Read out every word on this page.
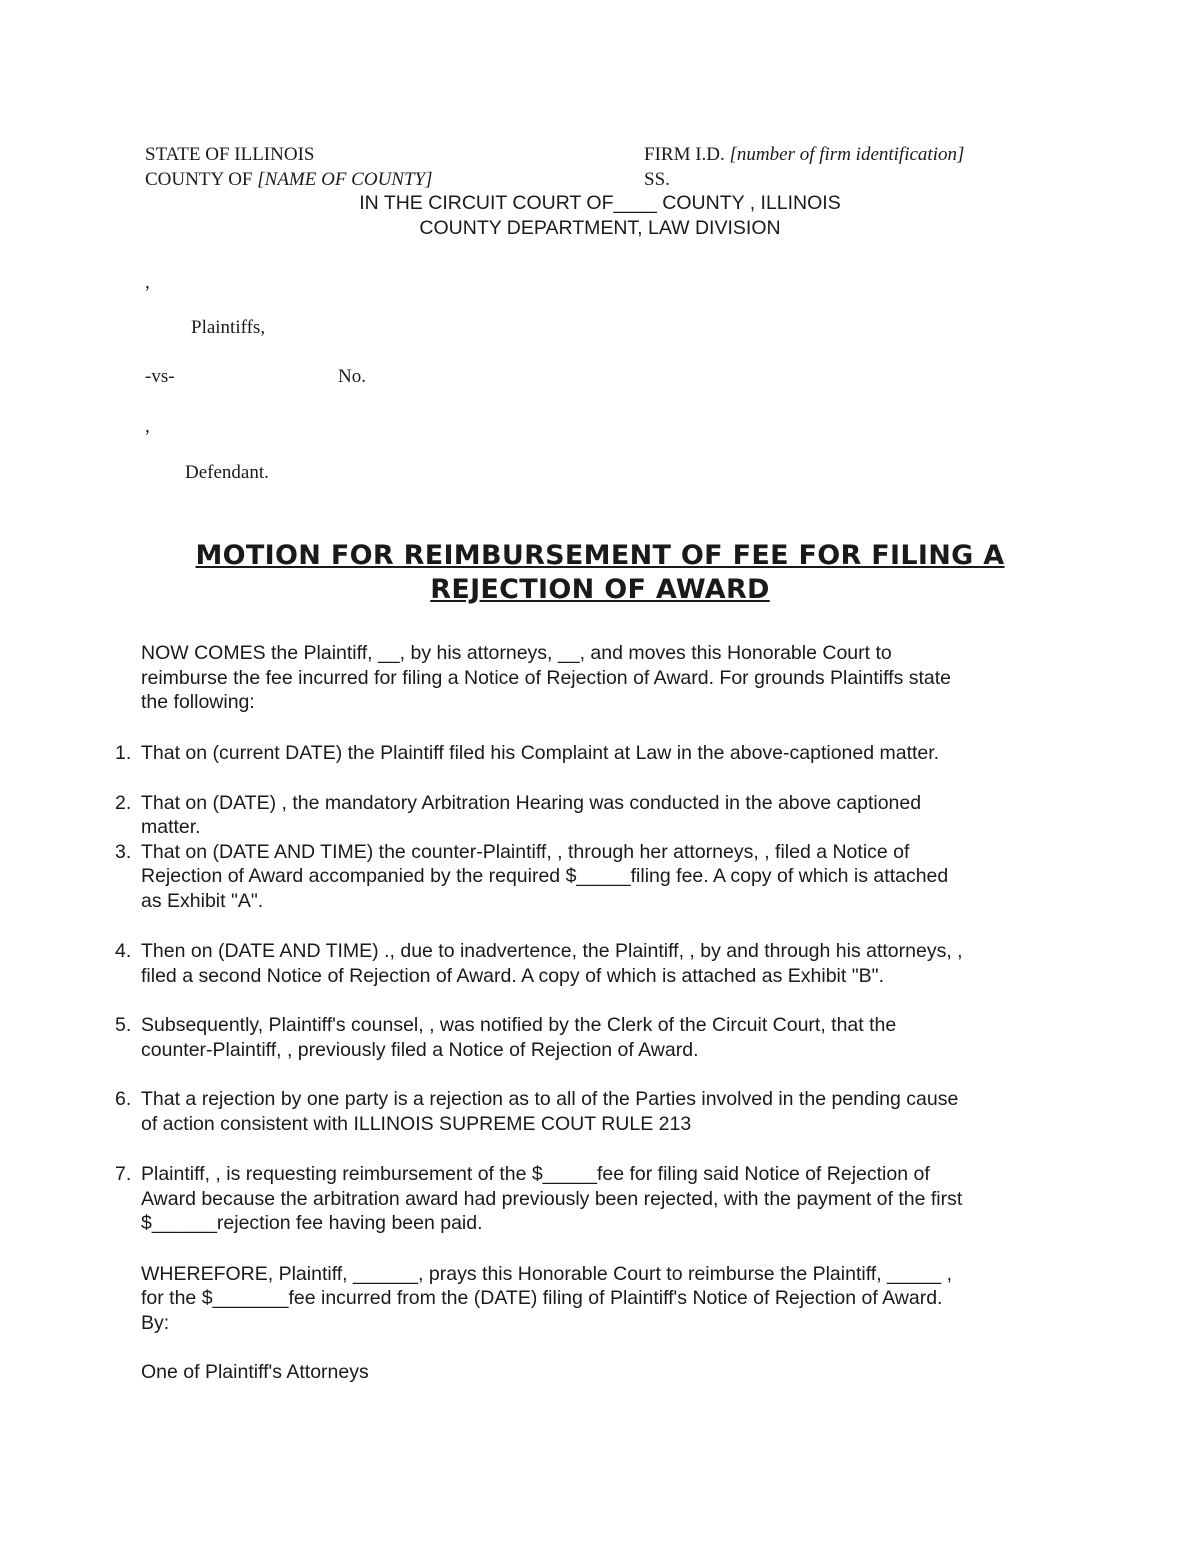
STATE OF ILLINOIS
COUNTY OF [NAME OF COUNTY]
FIRM I.D. [number of firm identification]
SS.
IN THE CIRCUIT COURT OF____ COUNTY , ILLINOIS
COUNTY DEPARTMENT, LAW DIVISION
,
Plaintiffs,
-vs-	No.
,
Defendant.
MOTION FOR REIMBURSEMENT OF FEE FOR FILING A
REJECTION OF AWARD
NOW COMES the Plaintiff, __, by his attorneys, __, and moves this Honorable Court to
reimburse the fee incurred for filing a Notice of Rejection of Award. For grounds Plaintiffs state
the following:
1. That on (current DATE) the Plaintiff filed his Complaint at Law in the above-captioned matter.
2. That on (DATE) , the mandatory Arbitration Hearing was conducted in the above captioned
matter.
3. That on (DATE AND TIME) the counter-Plaintiff, , through her attorneys, , filed a Notice of
Rejection of Award accompanied by the required $_____filing fee. A copy of which is attached
as Exhibit "A".
4. Then on (DATE AND TIME) ., due to inadvertence, the Plaintiff, , by and through his attorneys, ,
filed a second Notice of Rejection of Award. A copy of which is attached as Exhibit "B".
5. Subsequently, Plaintiff's counsel, , was notified by the Clerk of the Circuit Court, that the
counter-Plaintiff, , previously filed a Notice of Rejection of Award.
6. That a rejection by one party is a rejection as to all of the Parties involved in the pending cause
of action consistent with ILLINOIS SUPREME COUT RULE 213
7. Plaintiff, , is requesting reimbursement of the $_____fee for filing said Notice of Rejection of
Award because the arbitration award had previously been rejected, with the payment of the first
$______rejection fee having been paid.
WHEREFORE, Plaintiff, ______, prays this Honorable Court to reimburse the Plaintiff, _____ ,
for the $_______fee incurred from the (DATE) filing of Plaintiff's Notice of Rejection of Award.
By:
One of Plaintiff's Attorneys
